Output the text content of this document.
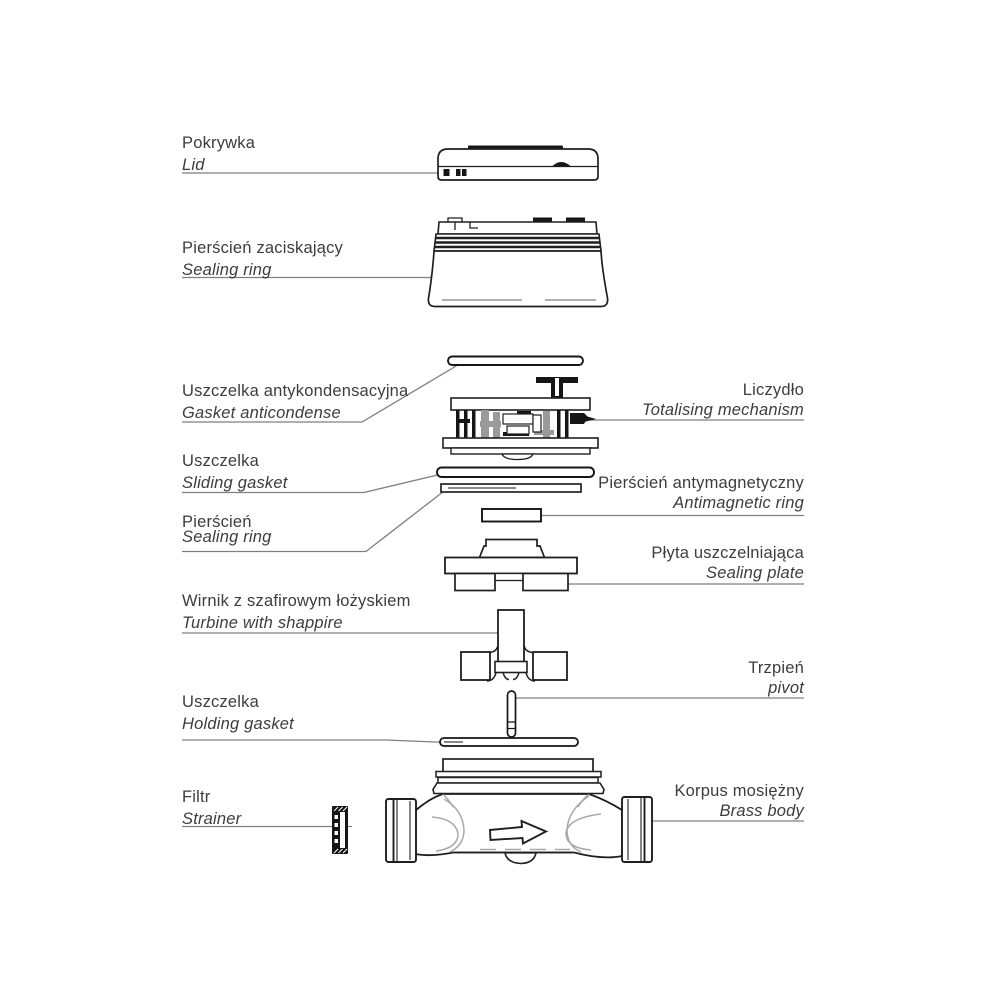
Pokrywka
Lid
Pierścień zaciskający
Sealing ring
Uszczelka antykondensacyjna
Gasket anticondense
Liczydło
Totalising mechanism
Uszczelka
Sliding gasket	Pierścień antymagnetyczny
Antimagnetic ring
Pierścień
Sealing ring
Płyta uszczelniająca
Sealing plate
Wirnik z szafirowym łożyskiem
Turbine with shappire
Trzpień
pivot
Uszczelka
Holding gasket
Filtr
Strainer
Korpus mosiężny
Brass body
